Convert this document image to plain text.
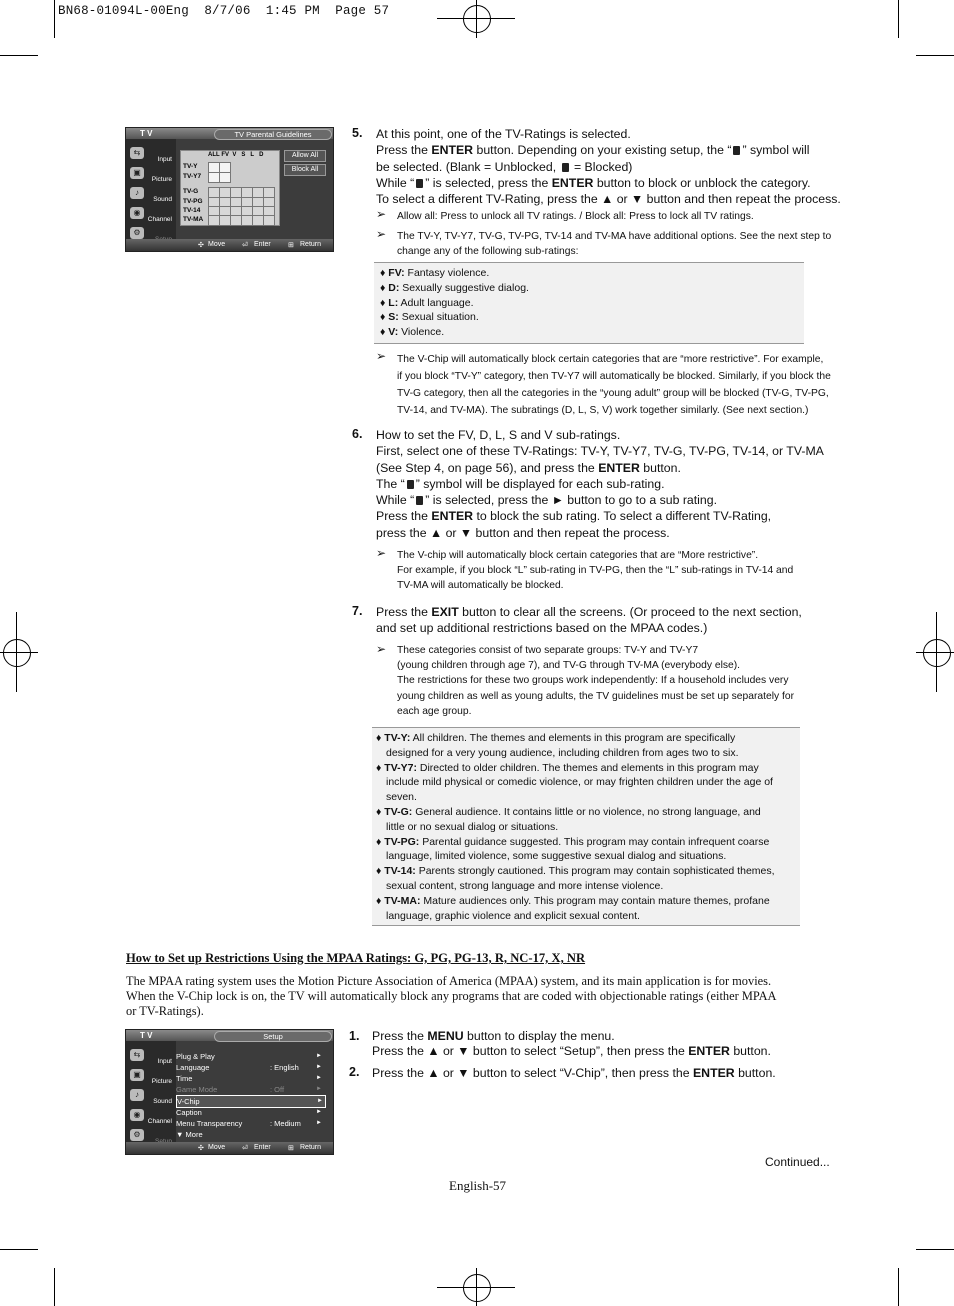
BN68-01094L-00Eng  8/7/06  1:45 PM  Page 57
T V	TV Parental Guidelines
⇆
Input
▣
Picture
♪
Sound
◉
Channel
⚙
ALL FV V S L D
TV-Y
TV-Y7
TV-G
TV-PG
TV-14
TV-MA
Allow All
Block All
✣ Move ⏎ Enter ⊞ Return
5. At this point, one of the TV-Ratings is selected.
Press the ENTER button. Depending on your existing setup, the “ ” symbol will
be selected. (Blank = Unblocked,  = Blocked)
While “ ” is selected, press the ENTER button to block or unblock the category.
To select a different TV-Rating, press the ▲ or ▼ button and then repeat the process.
➢ Allow all: Press to unlock all TV ratings. / Block all: Press to lock all TV ratings.
➢ The TV-Y, TV-Y7, TV-G, TV-PG, TV-14 and TV-MA have additional options. See the next step to
change any of the following sub-ratings:
♦ FV: Fantasy violence.
♦ D: Sexually suggestive dialog.
♦ L: Adult language.
♦ S: Sexual situation.
♦ V: Violence.
➢ The V-Chip will automatically block certain categories that are “more restrictive”. For example,
if you block “TV-Y” category, then TV-Y7 will automatically be blocked. Similarly, if you block the
TV-G category, then all the categories in the “young adult” group will be blocked (TV-G, TV-PG,
TV-14, and TV-MA). The subratings (D, L, S, V) work together similarly. (See next section.)
6. How to set the FV, D, L, S and V sub-ratings.
First, select one of these TV-Ratings: TV-Y, TV-Y7, TV-G, TV-PG, TV-14, or TV-MA
(See Step 4, on page 56), and press the ENTER button.
The “ ” symbol will be displayed for each sub-rating.
While “ ” is selected, press the ► button to go to a sub rating.
Press the ENTER to block the sub rating. To select a different TV-Rating,
press the ▲ or ▼ button and then repeat the process.
➢ The V-chip will automatically block certain categories that are “More restrictive”.
For example, if you block “L” sub-rating in TV-PG, then the “L” sub-ratings in TV-14 and
TV-MA will automatically be blocked.
7. Press the EXIT button to clear all the screens. (Or proceed to the next section,
and set up additional restrictions based on the MPAA codes.)
➢ These categories consist of two separate groups: TV-Y and TV-Y7
(young children through age 7), and TV-G through TV-MA (everybody else).
The restrictions for these two groups work independently: If a household includes very
young children as well as young adults, the TV guidelines must be set up separately for
each age group.
♦ TV-Y: All children. The themes and elements in this program are specifically
designed for a very young audience, including children from ages two to six.
♦ TV-Y7: Directed to older children. The themes and elements in this program may
include mild physical or comedic violence, or may frighten children under the age of
seven.
♦ TV-G: General audience. It contains little or no violence, no strong language, and
little or no sexual dialog or situations.
♦ TV-PG: Parental guidance suggested. This program may contain infrequent coarse
language, limited violence, some suggestive sexual dialog and situations.
♦ TV-14: Parents strongly cautioned. This program may contain sophisticated themes,
sexual content, strong language and more intense violence.
♦ TV-MA: Mature audiences only. This program may contain mature themes, profane
language, graphic violence and explicit sexual content.
How to Set up Restrictions Using the MPAA Ratings: G, PG, PG-13, R, NC-17, X, NR
The MPAA rating system uses the Motion Picture Association of America (MPAA) system, and its main application is for movies.
When the V-Chip lock is on, the TV will automatically block any programs that are coded with objectionable ratings (either MPAA
or TV-Ratings).
T V	Setup
⇆
Input
▣
Picture
♪
Sound
◉
Channel
⚙
Plug & Play	►
Language	: English	►
Time	►
Game Mode	: Off	►
V-Chip	►
Caption	►
Menu Transparency	: Medium	►
▼ More
✣ Move ⏎ Enter ⊞ Return
1. Press the MENU button to display the menu.
Press the ▲ or ▼ button to select “Setup”, then press the ENTER button.
2. Press the ▲ or ▼ button to select “V-Chip”, then press the ENTER button.
Continued...
English-57
